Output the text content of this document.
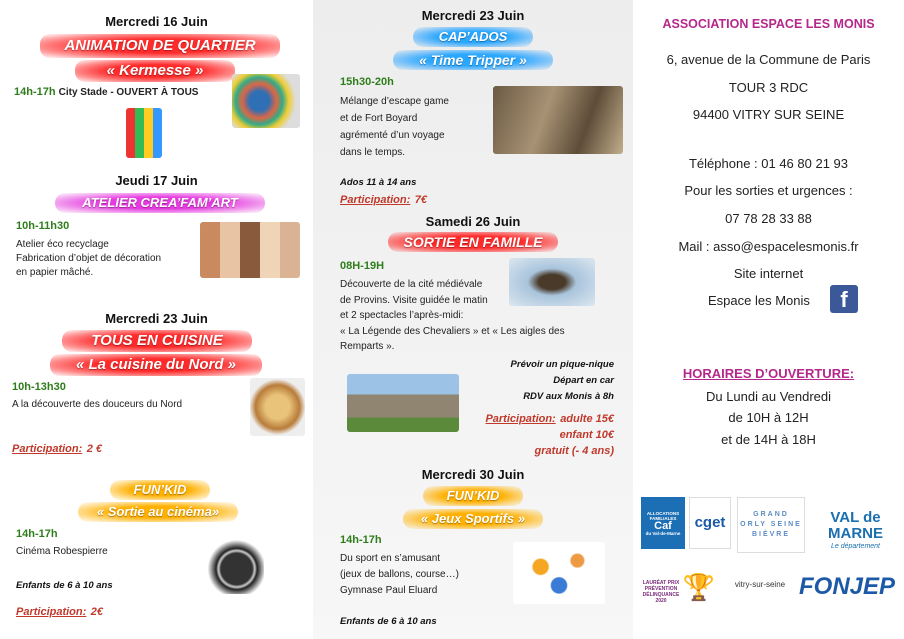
Mercredi 16 Juin
ANIMATION DE QUARTIER
« Kermesse »
14h-17h City Stade - OUVERT À TOUS
Jeudi 17 Juin
ATELIER CREA’FAM’ART
10h-11h30
Atelier éco recyclage
Fabrication d’objet de décoration
en papier mâché.
Mercredi 23 Juin
TOUS EN CUISINE
« La cuisine du Nord »
10h-13h30
A la découverte des douceurs du Nord
Participation: 2 €
FUN’KID
« Sortie au cinéma»
14h-17h
Cinéma Robespierre
Enfants de 6 à 10 ans
Participation: 2€
Mercredi 23 Juin
CAP’ADOS
« Time Tripper »
15h30-20h
Mélange d’escape game
et de Fort Boyard
agrémenté d’un voyage
dans le temps.
Ados 11 à 14 ans
Participation: 7€
Samedi 26 Juin
SORTIE EN FAMILLE
08H-19H
Découverte de la cité médiévale
de Provins. Visite guidée le matin
et 2 spectacles l’après-midi:
« La Légende des Chevaliers » et « Les aigles des
Remparts ».
Prévoir un pique-nique
Départ en car
RDV aux Monis à 8h
Participation: adulte 15€
enfant 10€
gratuit (- 4 ans)
Mercredi 30 Juin
FUN’KID
« Jeux Sportifs »
14h-17h
Du sport en s’amusant
(jeux de ballons, course…)
Gymnase Paul Eluard
Enfants de 6 à 10 ans
ASSOCIATION ESPACE LES MONIS
6, avenue de la Commune de Paris
TOUR 3 RDC
94400 VITRY SUR SEINE
Téléphone : 01 46 80 21 93
Pour les sorties et urgences :
07 78 28 33 88
Mail : asso@espacelesmonis.fr
Site internet
Espace les Monis	f
HORAIRES D’OUVERTURE:
Du Lundi au Vendredi
de 10H à 12H
et de 14H à 18H
ALLOCATIONS FAMILIALES
Caf
du Val-de-Marne
cget	GRAND ORLY SEINE BIÈVRE
VAL de MARNE
Le département
LAURÉAT PRIX PRÉVENTION DÉLINQUANCE 2020 🏆	vitry-sur-seine FONJEP
